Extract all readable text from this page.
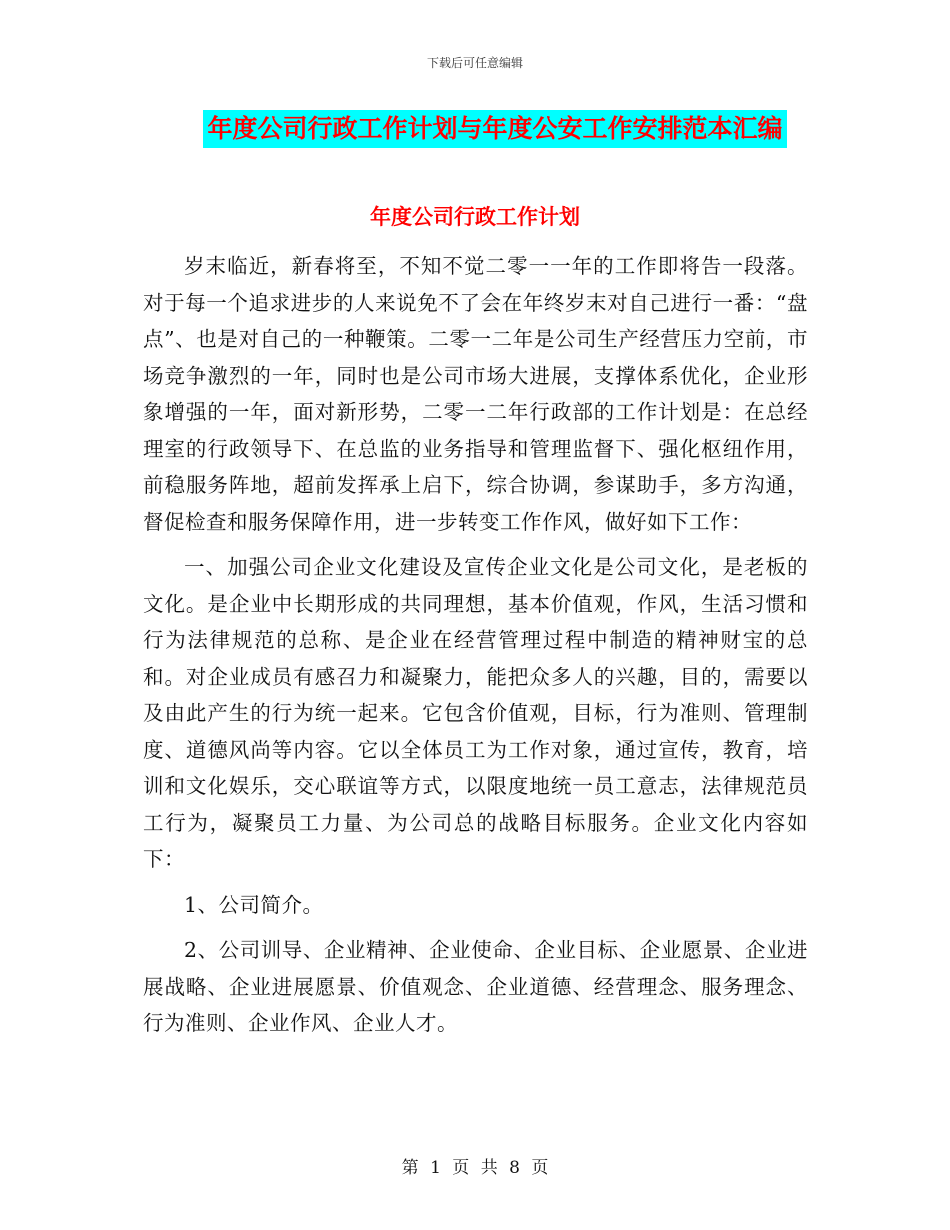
下载后可任意编辑
年度公司行政工作计划与年度公安工作安排范本汇编
年度公司行政工作计划

岁末临近，新春将至，不知不觉二零一一年的工作即将告一段落。对于每一个追求进步的人来说免不了会在年终岁末对自己进行一番：“盘点”、也是对自己的一种鞭策。二零一二年是公司生产经营压力空前，市场竞争激烈的一年，同时也是公司市场大进展，支撑体系优化，企业形象增强的一年，面对新形势，二零一二年行政部的工作计划是：在总经理室的行政领导下、在总监的业务指导和管理监督下、强化枢纽作用，前稳服务阵地，超前发挥承上启下，综合协调，参谋助手，多方沟通，督促检查和服务保障作用，进一步转变工作作风，做好如下工作：

一、加强公司企业文化建设及宣传企业文化是公司文化，是老板的文化。是企业中长期形成的共同理想，基本价值观，作风，生活习惯和行为法律规范的总称、是企业在经营管理过程中制造的精神财宝的总和。对企业成员有感召力和凝聚力，能把众多人的兴趣，目的，需要以及由此产生的行为统一起来。它包含价值观，目标，行为准则、管理制度、道德风尚等内容。它以全体员工为工作对象，通过宣传，教育，培训和文化娱乐，交心联谊等方式，以限度地统一员工意志，法律规范员工行为，凝聚员工力量、为公司总的战略目标服务。企业文化内容如下：

1、公司简介。

2、公司训导、企业精神、企业使命、企业目标、企业愿景、企业进展战略、企业进展愿景、价值观念、企业道德、经营理念、服务理念、行为准则、企业作风、企业人才。

第 1 页 共 8 页
